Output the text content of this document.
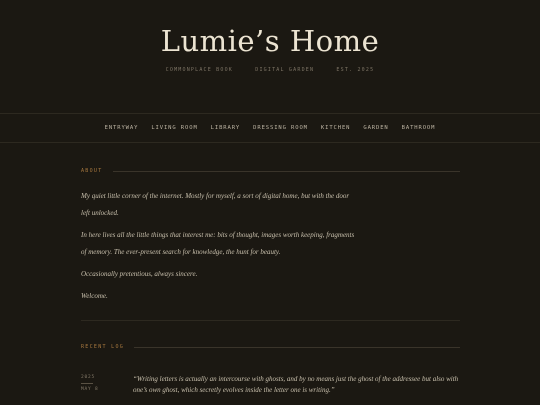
Lumie’s Home
COMMONPLACE BOOK	DIGITAL GARDEN	EST. 2025
ENTRYWAY LIVING ROOM LIBRARY DRESSING ROOM KITCHEN GARDEN BATHROOM
ABOUT

My quiet little corner of the internet. Mostly for myself, a sort of digital home, but with the door left unlocked.

In here lives all the little things that interest me: bits of thought, images worth keeping, fragments of memory. The ever-present search for knowledge, the hunt for beauty.

Occasionally pretentious, always sincere.

Welcome.

RECENT LOG
2025
MAY 8
“Writing letters is actually an intercourse with ghosts, and by no means just the ghost of the addressee but also with one’s own ghost, which secretly evolves inside the letter one is writing.”
